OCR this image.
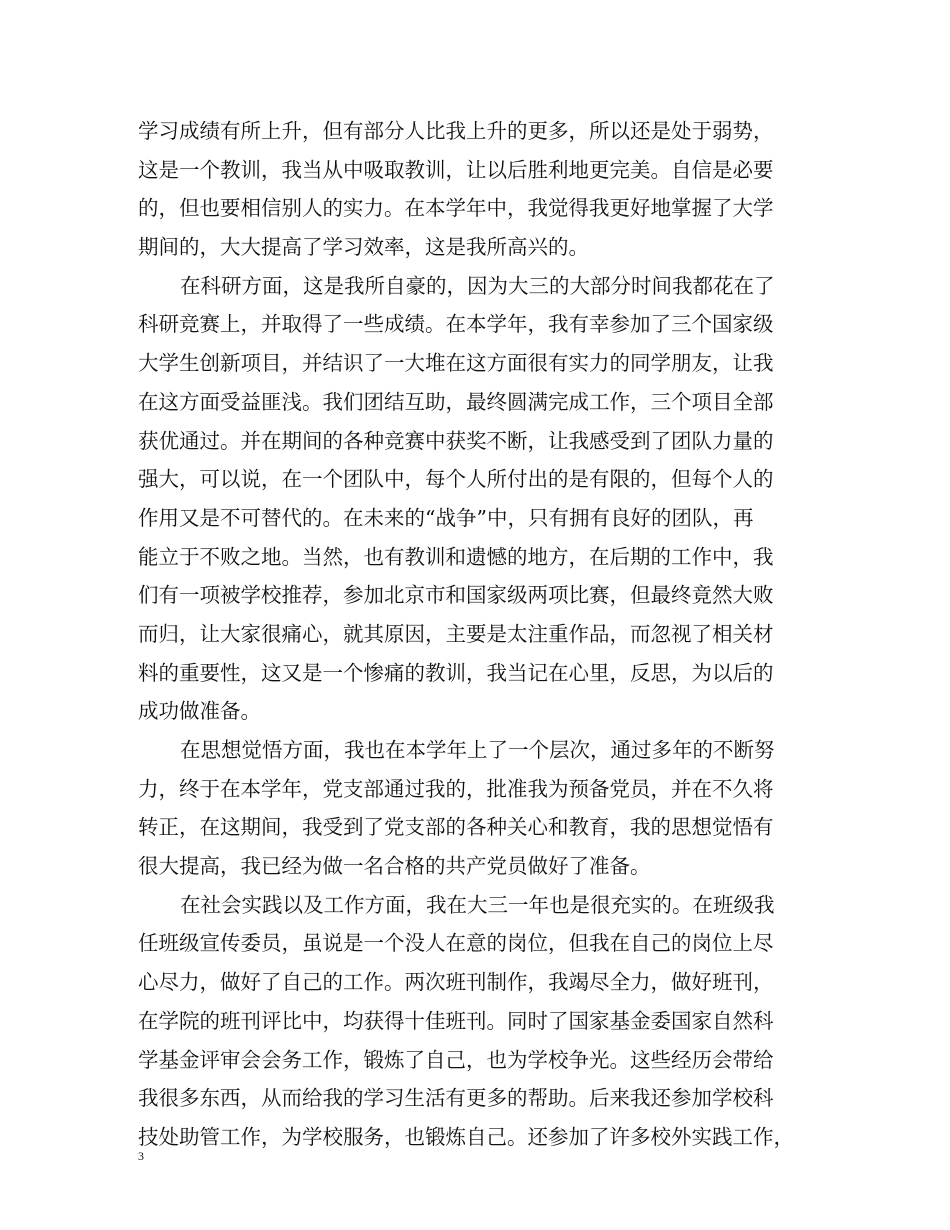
学习成绩有所上升，但有部分人比我上升的更多，所以还是处于弱势，
这是一个教训，我当从中吸取教训，让以后胜利地更完美。自信是必要
的，但也要相信别人的实力。在本学年中，我觉得我更好地掌握了大学
期间的，大大提高了学习效率，这是我所高兴的。
在科研方面，这是我所自豪的，因为大三的大部分时间我都花在了
科研竞赛上，并取得了一些成绩。在本学年，我有幸参加了三个国家级
大学生创新项目，并结识了一大堆在这方面很有实力的同学朋友，让我
在这方面受益匪浅。我们团结互助，最终圆满完成工作，三个项目全部
获优通过。并在期间的各种竞赛中获奖不断，让我感受到了团队力量的
强大，可以说，在一个团队中，每个人所付出的是有限的，但每个人的
作用又是不可替代的。在未来的“战争”中，只有拥有良好的团队，再
能立于不败之地。当然，也有教训和遗憾的地方，在后期的工作中，我
们有一项被学校推荐，参加北京市和国家级两项比赛，但最终竟然大败
而归，让大家很痛心，就其原因，主要是太注重作品，而忽视了相关材
料的重要性，这又是一个惨痛的教训，我当记在心里，反思，为以后的
成功做准备。
在思想觉悟方面，我也在本学年上了一个层次，通过多年的不断努
力，终于在本学年，党支部通过我的，批准我为预备党员，并在不久将
转正，在这期间，我受到了党支部的各种关心和教育，我的思想觉悟有
很大提高，我已经为做一名合格的共产党员做好了准备。
在社会实践以及工作方面，我在大三一年也是很充实的。在班级我
任班级宣传委员，虽说是一个没人在意的岗位，但我在自己的岗位上尽
心尽力，做好了自己的工作。两次班刊制作，我竭尽全力，做好班刊，
在学院的班刊评比中，均获得十佳班刊。同时了国家基金委国家自然科
学基金评审会会务工作，锻炼了自己，也为学校争光。这些经历会带给
我很多东西，从而给我的学习生活有更多的帮助。后来我还参加学校科
技处助管工作，为学校服务，也锻炼自己。还参加了许多校外实践工作，
3
